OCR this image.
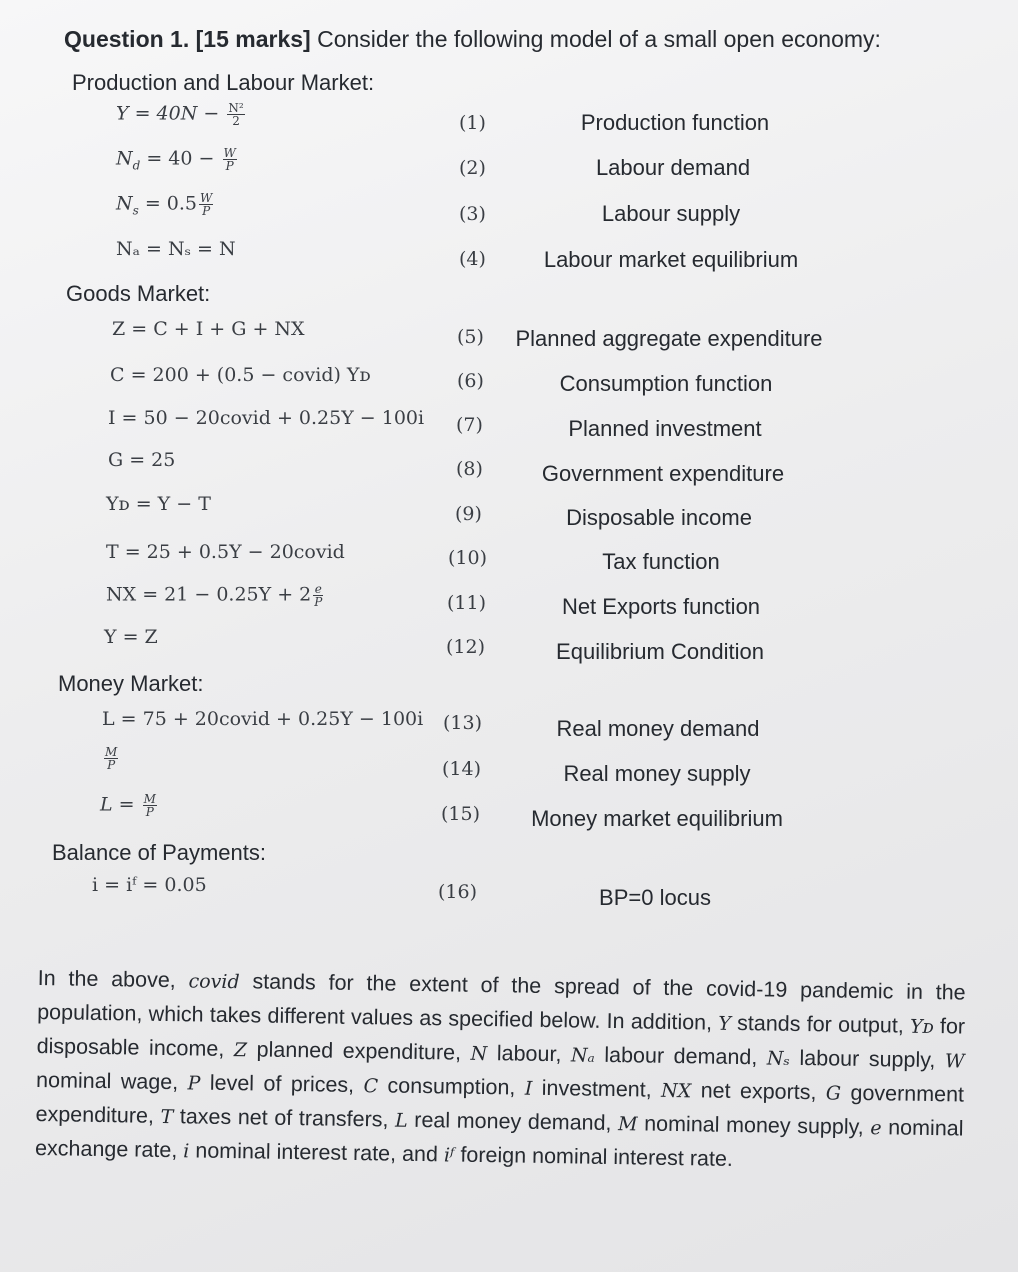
Question 1. [15 marks] Consider the following model of a small open economy:
Production and Labour Market:
Goods Market:
Money Market:
Balance of Payments:
$Y = 40N - \frac{\text{N²}}{2}$
$N_d = 40 - \frac{W}{P}$
$N_s = 0.5 \frac{W}{P}$
Nₐ = Nₛ = N
Z = C + I + G + NX
C = 200 + (0.5 − covid) Yᴅ
I = 50 − 20covid + 0.25Y − 100i
G = 25
Yᴅ = Y − T
T = 25 + 0.5Y − 20covid
NX = $21 - 0.25Y + 2 \frac{e}{P}$
Y = Z
L = 75 + 20covid + 0.25Y − 100i
$\frac{M}{P}$
$L = \frac{M}{P}$
i = iᶠ = 0.05
(1)
(2)
(3)
(4)
(5)
(6)
(7)
(8)
(9)
(10)
(11)
(12)
(13)
(14)
(15)
(16)
Production function
Labour demand
Labour supply
Labour market equilibrium
Planned aggregate expenditure
Consumption function
Planned investment
Government expenditure
Disposable income
Tax function
Net Exports function
Equilibrium Condition
Real money demand
Real money supply
Money market equilibrium
BP=0 locus
In the above, covid stands for the extent of the spread of the covid-19 pandemic in the population, which takes different values as specified below. In addition, Y stands for output, Yᴅ for disposable income, Z planned expenditure, N labour, Nₐ labour demand, Nₛ labour supply, W nominal wage, P level of prices, C consumption, I investment, NX net exports, G government expenditure, T taxes net of transfers, L real money demand, M nominal money supply, e nominal exchange rate, i nominal interest rate, and iᶠ foreign nominal interest rate.
